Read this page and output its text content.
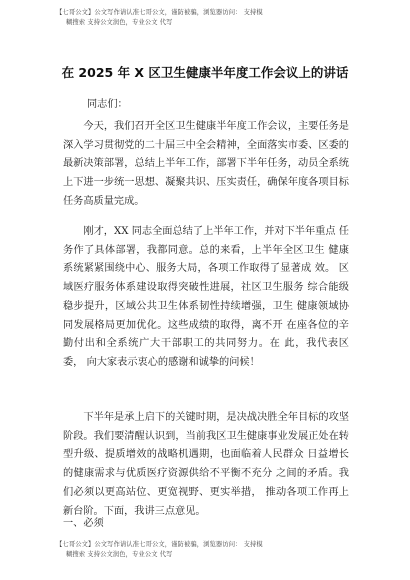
【七哥公文】公文写作请认准七哥公文，谨防被骗，浏览器访问： 支持模
糊搜索 支持公文润色，专业公文 代写
在 2025 年 X 区卫生健康半年度工作会议上的讲话
同志们：

今天，我们召开全区卫生健康半年度工作会议，主要任务是深入学习贯彻党的二十届三中全会精神，全面落实市委、区委的最新决策部署，总结上半年工作，部署下半年任务，动员全系统上下进一步统一思想、凝聚共识、压实责任，确保年度各项目标任务高质量完成。

刚才，XX 同志全面总结了上半年工作，并对下半年重点 任务作了具体部署，我都同意。总的来看，上半年全区卫生 健康系统紧紧围绕中心、服务大局，各项工作取得了显著成 效。 区域医疗服务体系建设取得突破性进展，社区卫生服务 综合能级稳步提升，区域公共卫生体系韧性持续增强，卫生 健康领域协同发展格局更加优化。这些成绩的取得，离不开 在座各位的辛勤付出和全系统广大干部职工的共同努力。在 此，我代表区委， 向大家表示衷心的感谢和诚挚的问候！

下半年是承上启下的关键时期，是决战决胜全年目标的攻坚阶段。我们要清醒认识到，当前我区卫生健康事业发展正处在转型升级、提质增效的战略机遇期，也面临着人民群众 日益增长的健康需求与优质医疗资源供给不平衡不充分 之间的矛盾。我们必须以更高站位、更宽视野、更实举措， 推动各项工作再上新台阶。下面，我讲三点意见。

一、必须
【七哥公文】公文写作请认准七哥公文，谨防被骗，浏览器访问： 支持模
糊搜索 支持公文润色，专业公文 代写
